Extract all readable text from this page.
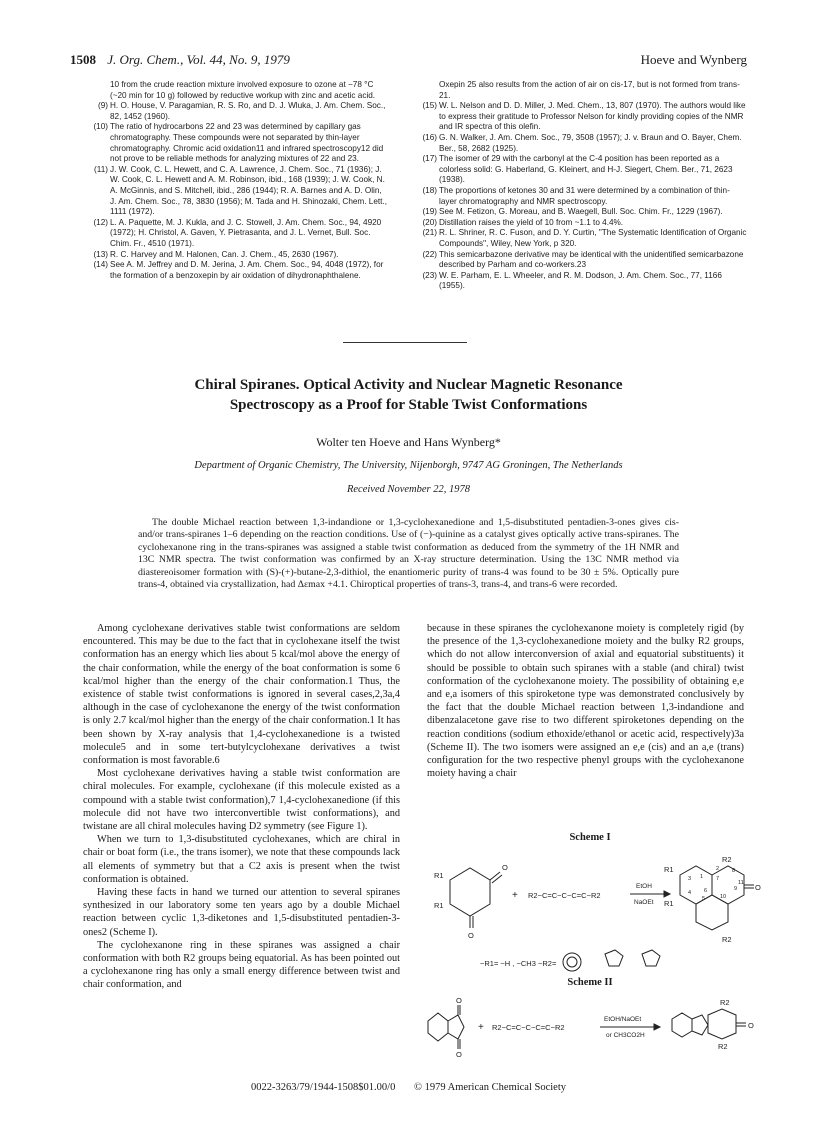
1508 J. Org. Chem., Vol. 44, No. 9, 1979	Hoeve and Wynberg
10 from the crude reaction mixture involved exposure to ozone at −78 °C (~20 min for 10 g) followed by reductive workup with zinc and acetic acid.
(9) H. O. House, V. Paragamian, R. S. Ro, and D. J. Wluka, J. Am. Chem. Soc., 82, 1452 (1960).
(10) The ratio of hydrocarbons 22 and 23 was determined by capillary gas chromatography. These compounds were not separated by thin-layer chromatography. Chromic acid oxidation11 and infrared spectroscopy12 did not prove to be reliable methods for analyzing mixtures of 22 and 23.
(11) J. W. Cook, C. L. Hewett, and C. A. Lawrence, J. Chem. Soc., 71 (1936); J. W. Cook, C. L. Hewett and A. M. Robinson, ibid., 168 (1939); J. W. Cook, N. A. McGinnis, and S. Mitchell, ibid., 286 (1944); R. A. Barnes and A. D. Olin, J. Am. Chem. Soc., 78, 3830 (1956); M. Tada and H. Shinozaki, Chem. Lett., 1111 (1972).
(12) L. A. Paquette, M. J. Kukla, and J. C. Stowell, J. Am. Chem. Soc., 94, 4920 (1972); H. Christol, A. Gaven, Y. Pietrasanta, and J. L. Vernet, Bull. Soc. Chim. Fr., 4510 (1971).
(13) R. C. Harvey and M. Halonen, Can. J. Chem., 45, 2630 (1967).
(14) See A. M. Jeffrey and D. M. Jerina, J. Am. Chem. Soc., 94, 4048 (1972), for the formation of a benzoxepin by air oxidation of dihydronaphthalene.
Oxepin 25 also results from the action of air on cis-17, but is not formed from trans-21.
(15) W. L. Nelson and D. D. Miller, J. Med. Chem., 13, 807 (1970). The authors would like to express their gratitude to Professor Nelson for kindly providing copies of the NMR and IR spectra of this olefin.
(16) G. N. Walker, J. Am. Chem. Soc., 79, 3508 (1957); J. v. Braun and O. Bayer, Chem. Ber., 58, 2682 (1925).
(17) The isomer of 29 with the carbonyl at the C-4 position has been reported as a colorless solid: G. Haberland, G. Kleinert, and H-J. Siegert, Chem. Ber., 71, 2623 (1938).
(18) The proportions of ketones 30 and 31 were determined by a combination of thin-layer chromatography and NMR spectroscopy.
(19) See M. Fetizon, G. Moreau, and B. Waegell, Bull. Soc. Chim. Fr., 1229 (1967).
(20) Distillation raises the yield of 10 from ~1.1 to 4.4%.
(21) R. L. Shriner, R. C. Fuson, and D. Y. Curtin, "The Systematic Identification of Organic Compounds", Wiley, New York, p 320.
(22) This semicarbazone derivative may be identical with the unidentified semicarbazone described by Parham and co-workers.23
(23) W. E. Parham, E. L. Wheeler, and R. M. Dodson, J. Am. Chem. Soc., 77, 1166 (1955).
Chiral Spiranes. Optical Activity and Nuclear Magnetic Resonance
Spectroscopy as a Proof for Stable Twist Conformations
Wolter ten Hoeve and Hans Wynberg*
Department of Organic Chemistry, The University, Nijenborgh, 9747 AG Groningen, The Netherlands
Received November 22, 1978

The double Michael reaction between 1,3-indandione or 1,3-cyclohexanedione and 1,5-disubstituted pentadien-3-ones gives cis- and/or trans-spiranes 1–6 depending on the reaction conditions. Use of (−)-quinine as a catalyst gives optically active trans-spiranes. The cyclohexanone ring in the trans-spiranes was assigned a stable twist conformation as deduced from the symmetry of the 1H NMR and 13C NMR spectra. The twist conformation was confirmed by an X-ray structure determination. Using the 13C NMR method via diastereoisomer formation with (S)-(+)-butane-2,3-dithiol, the enantiomeric purity of trans-4 was found to be 30 ± 5%. Optically pure trans-4, obtained via crystallization, had Δεmax +4.1. Chiroptical properties of trans-3, trans-4, and trans-6 were recorded.

Among cyclohexane derivatives stable twist conformations are seldom encountered. This may be due to the fact that in cyclohexane itself the twist conformation has an energy which lies about 5 kcal/mol above the energy of the chair conformation, while the energy of the boat conformation is some 6 kcal/mol higher than the energy of the chair conformation.1 Thus, the existence of stable twist conformations is ignored in several cases,2,3a,4 although in the case of cyclohexanone the energy of the twist conformation is only 2.7 kcal/mol higher than the energy of the chair conformation.1 It has been shown by X-ray analysis that 1,4-cyclohexanedione is a twisted molecule5 and in some tert-butylcyclohexane derivatives a twist conformation is most favorable.6

Most cyclohexane derivatives having a stable twist conformation are chiral molecules. For example, cyclohexane (if this molecule existed as a compound with a stable twist conformation),7 1,4-cyclohexanedione (if this molecule did not have two interconvertible twist conformations), and twistane are all chiral molecules having D2 symmetry (see Figure 1).

When we turn to 1,3-disubstituted cyclohexanes, which are chiral in chair or boat form (i.e., the trans isomer), we note that these compounds lack all elements of symmetry but that a C2 axis is present when the twist conformation is obtained.

Having these facts in hand we turned our attention to several spiranes synthesized in our laboratory some ten years ago by a double Michael reaction between cyclic 1,3-diketones and 1,5-disubstituted pentadien-3-ones2 (Scheme I).

The cyclohexanone ring in these spiranes was assigned a chair conformation with both R2 groups being equatorial. As has been pointed out a cyclohexanone ring has only a small energy difference between twist and chair conformation, and

because in these spiranes the cyclohexanone moiety is completely rigid (by the presence of the 1,3-cyclohexanedione moiety and the bulky R2 groups, which do not allow interconversion of axial and equatorial substituents) it should be possible to obtain such spiranes with a stable (and chiral) twist conformation of the cyclohexanone moiety. The possibility of obtaining e,e and e,a isomers of this spiroketone type was demonstrated conclusively by the fact that the double Michael reaction between 1,3-indandione and dibenzalacetone gave rise to two different spiroketones depending on the reaction conditions (sodium ethoxide/ethanol or acetic acid, respectively)3a (Scheme II). The two isomers were assigned an e,e (cis) and an a,e (trans) configuration for the two respective phenyl groups with the cyclohexanone moiety having a chair

Scheme I
R1
R1
O
O
+ R2−C=C−C−C=C−R2
EtOH
NaOEt
R1
R1
R2
R2
O
−R1= −H , −CH3 −R2=
1
2
3
4
5
6
7
8
9
10
11
Scheme II
O
O
+ R2−C=C−C−C=C−R2
EtOH/NaOEt
or CH3CO2H
R2
R2
O
0022-3263/79/1944-1508$01.00/0 © 1979 American Chemical Society
